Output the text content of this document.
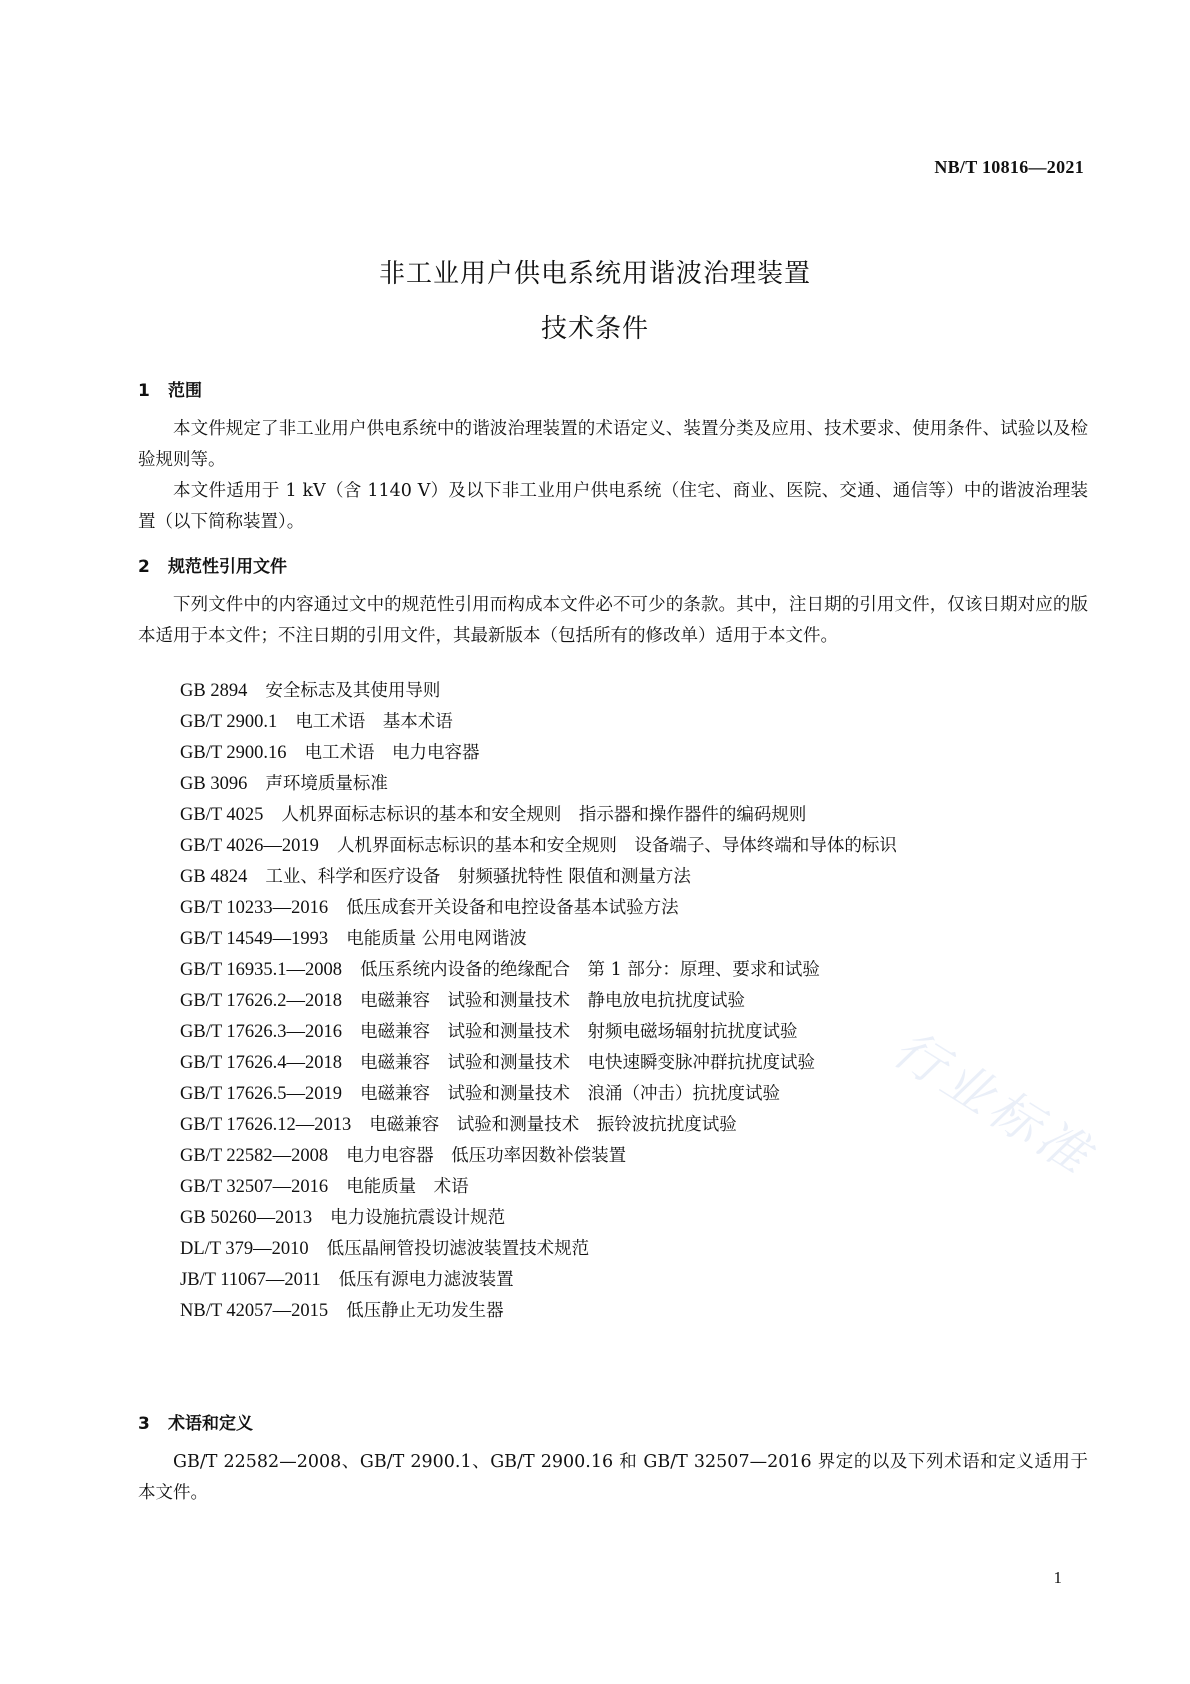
NB/T 10816—2021
非工业用户供电系统用谐波治理装置
技术条件
1 范围
本文件规定了非工业用户供电系统中的谐波治理装置的术语定义、装置分类及应用、技术要求、使用条件、试验以及检验规则等。
本文件适用于 1 kV（含 1140 V）及以下非工业用户供电系统（住宅、商业、医院、交通、通信等）中的谐波治理装置（以下简称装置）。
2 规范性引用文件
下列文件中的内容通过文中的规范性引用而构成本文件必不可少的条款。其中，注日期的引用文件，仅该日期对应的版本适用于本文件；不注日期的引用文件，其最新版本（包括所有的修改单）适用于本文件。
GB 2894 安全标志及其使用导则
GB/T 2900.1 电工术语　基本术语
GB/T 2900.16 电工术语　电力电容器
GB 3096 声环境质量标准
GB/T 4025 人机界面标志标识的基本和安全规则　指示器和操作器件的编码规则
GB/T 4026—2019 人机界面标志标识的基本和安全规则　设备端子、导体终端和导体的标识
GB 4824 工业、科学和医疗设备　射频骚扰特性 限值和测量方法
GB/T 10233—2016 低压成套开关设备和电控设备基本试验方法
GB/T 14549—1993 电能质量 公用电网谐波
GB/T 16935.1—2008 低压系统内设备的绝缘配合　第 1 部分：原理、要求和试验
GB/T 17626.2—2018 电磁兼容　试验和测量技术　静电放电抗扰度试验
GB/T 17626.3—2016 电磁兼容　试验和测量技术　射频电磁场辐射抗扰度试验
GB/T 17626.4—2018 电磁兼容　试验和测量技术　电快速瞬变脉冲群抗扰度试验
GB/T 17626.5—2019 电磁兼容　试验和测量技术　浪涌（冲击）抗扰度试验
GB/T 17626.12—2013 电磁兼容　试验和测量技术　振铃波抗扰度试验
GB/T 22582—2008 电力电容器　低压功率因数补偿装置
GB/T 32507—2016 电能质量　术语
GB 50260—2013 电力设施抗震设计规范
DL/T 379—2010 低压晶闸管投切滤波装置技术规范
JB/T 11067—2011 低压有源电力滤波装置
NB/T 42057—2015 低压静止无功发生器
3 术语和定义
GB/T 22582—2008、GB/T 2900.1、GB/T 2900.16 和 GB/T 32507—2016 界定的以及下列术语和定义适用于本文件。
1
行业标准
